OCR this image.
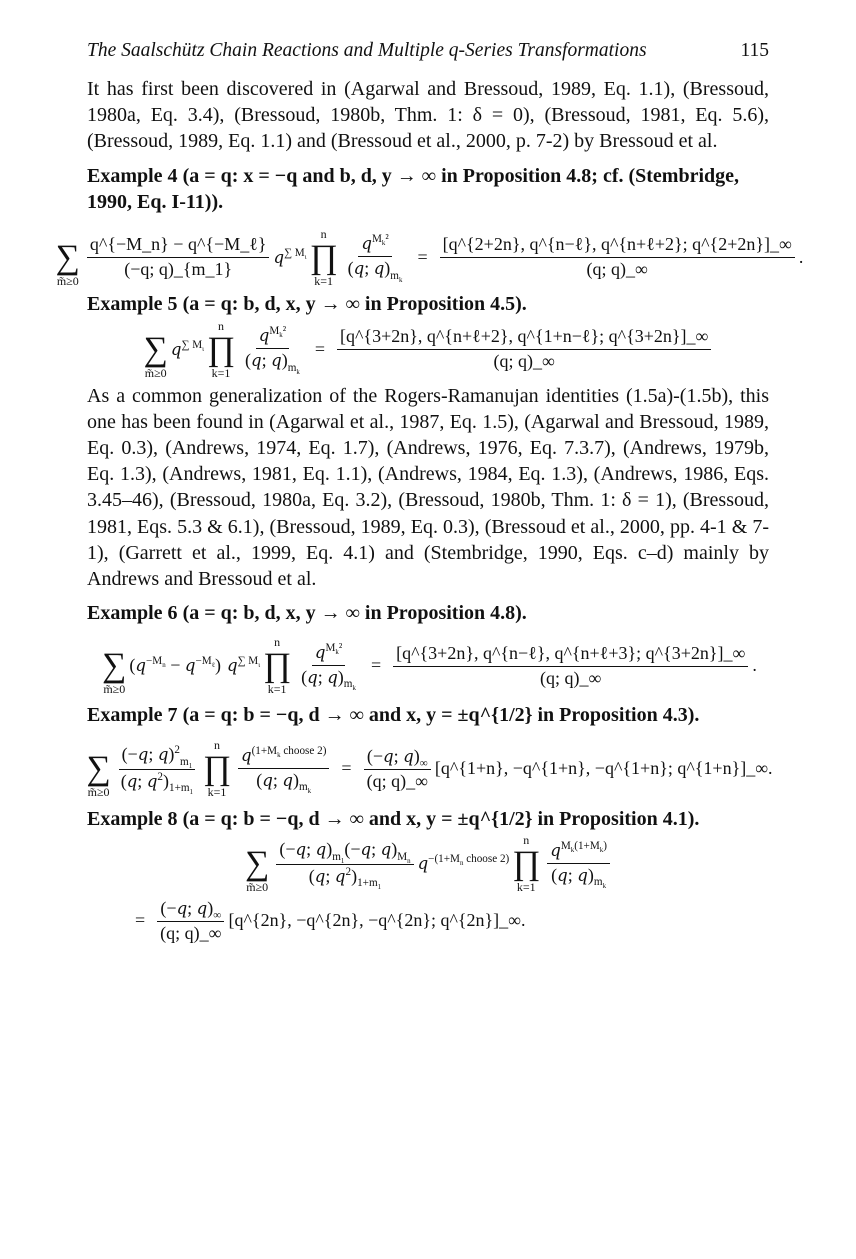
The Saalschütz Chain Reactions and Multiple q-Series Transformations	115

It has first been discovered in (Agarwal and Bressoud, 1989, Eq. 1.1), (Bressoud, 1980a, Eq. 3.4), (Bressoud, 1980b, Thm. 1: δ = 0), (Bressoud, 1981, Eq. 5.6), (Bressoud, 1989, Eq. 1.1) and (Bressoud et al., 2000, p. 7-2) by Bressoud et al.

Example 4 (a = q: x = −q and b, d, y → ∞ in Proposition 4.8; cf. (Stembridge, 1990, Eq. I-11)).

∑
m̃≥0
$\frac{\text{q\textasciicircum{}\{−M\_n\} − q\textasciicircum{}\{−M\_ℓ\}}}{(-q; q)\_\{m\_1\}} q^{\sum M_\iota}$
n
∏
$k=1 \frac{q^{M_k^2}}{(q; q)_{m_k}} = \frac{\text{[q\textasciicircum{}\{2+2n\}, q\textasciicircum{}\{n−ℓ\}, q\textasciicircum{}\{n+ℓ+2\}; q\textasciicircum{}\{2+2n\}]\_∞}}{(q; q)\_\infty}$ .

Example 5 (a = q: b, d, x, y → ∞ in Proposition 4.5).

∑
m̃≥0
$q^{\sum M_\iota}$
n
∏
$k=1 \frac{q^{M_k^2}}{(q; q)_{m_k}} = \frac{\text{[q\textasciicircum{}\{3+2n\}, q\textasciicircum{}\{n+ℓ+2\}, q\textasciicircum{}\{1+n−ℓ\}; q\textasciicircum{}\{3+2n\}]\_∞}}{(q; q)\_\infty}$

As a common generalization of the Rogers-Ramanujan identities (1.5a)-(1.5b), this one has been found in (Agarwal et al., 1987, Eq. 1.5), (Agarwal and Bressoud, 1989, Eq. 0.3), (Andrews, 1974, Eq. 1.7), (Andrews, 1976, Eq. 7.3.7), (Andrews, 1979b, Eq. 1.3), (Andrews, 1981, Eq. 1.1), (Andrews, 1984, Eq. 1.3), (Andrews, 1986, Eqs. 3.45–46), (Bressoud, 1980a, Eq. 3.2), (Bressoud, 1980b, Thm. 1: δ = 1), (Bressoud, 1981, Eqs. 5.3 & 6.1), (Bressoud, 1989, Eq. 0.3), (Bressoud et al., 2000, pp. 4-1 & 7-1), (Garrett et al., 1999, Eq. 4.1) and (Stembridge, 1990, Eqs. c–d) mainly by Andrews and Bressoud et al.

Example 6 (a = q: b, d, x, y → ∞ in Proposition 4.8).

∑
m̃≥0
$(q^{-M_n} - q^{-M_\ell})$ $q^{\sum M_\iota}$
n
∏
$k=1 \frac{q^{M_k^2}}{(q; q)_{m_k}} = \frac{\text{[q\textasciicircum{}\{3+2n\}, q\textasciicircum{}\{n−ℓ\}, q\textasciicircum{}\{n+ℓ+3\}; q\textasciicircum{}\{3+2n\}]\_∞}}{(q; q)\_\infty}$ .

Example 7 (a = q: b = −q, d → ∞ and x, y = ±q^{1/2} in Proposition 4.3).

∑
m̃≥0 $\frac{(-q; q)^2_{m_1}}{(q; q^2)_{1+m_1}}$ n
∏
$k=1 \frac{q^{(1+M_k choose 2)}}{(q; q)_{m_k}} = \frac{(-q; q)_\infty}{(q; q)\_\infty}$ [q^{1+n}, −q^{1+n}, −q^{1+n}; q^{1+n}]_∞ .

Example 8 (a = q: b = −q, d → ∞ and x, y = ±q^{1/2} in Proposition 4.1).

∑
m̃≥0 $\frac{(-q; q)_{m_1}(-q; q)_{M_n}}{(q; q^2)_{1+m_1}} q^{-(1+M_n choose 2)}$
n
∏
$k=1 \frac{q^{M_k(1+M_k)}}{(q; q)_{m_k}}$
= $\frac{(-q; q)_\infty}{(q; q)\_\infty}$ [q^{2n}, −q^{2n}, −q^{2n}; q^{2n}]_∞ .
